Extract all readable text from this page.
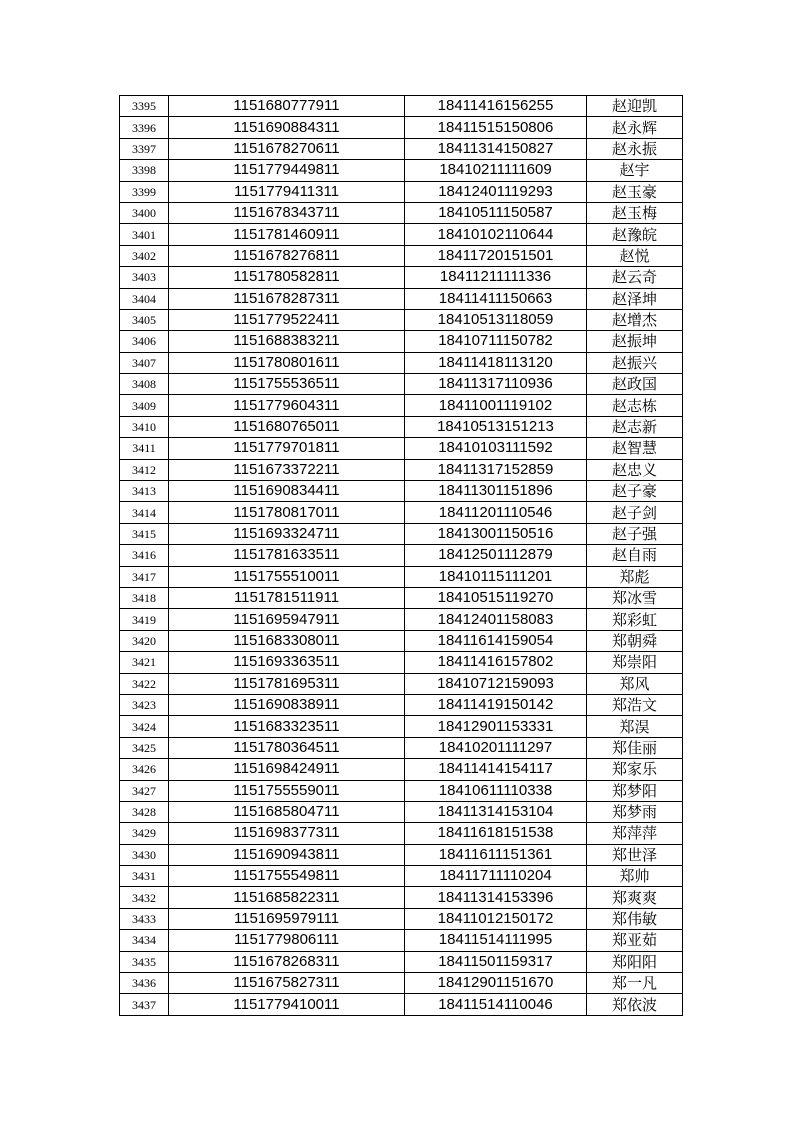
3395	1151680777911	18411416156255	赵迎凯
3396	1151690884311	18411515150806	赵永辉
3397	1151678270611	18411314150827	赵永振
3398	1151779449811	18410211111609	赵宇
3399	1151779411311	18412401119293	赵玉豪
3400	1151678343711	18410511150587	赵玉梅
3401	1151781460911	18410102110644	赵豫皖
3402	1151678276811	18411720151501	赵悦
3403	1151780582811	18411211111336	赵云奇
3404	1151678287311	18411411150663	赵泽坤
3405	1151779522411	18410513118059	赵增杰
3406	1151688383211	18410711150782	赵振坤
3407	1151780801611	18411418113120	赵振兴
3408	1151755536511	18411317110936	赵政国
3409	1151779604311	18411001119102	赵志栋
3410	1151680765011	18410513151213	赵志新
3411	1151779701811	18410103111592	赵智慧
3412	1151673372211	18411317152859	赵忠义
3413	1151690834411	18411301151896	赵子豪
3414	1151780817011	18411201110546	赵子剑
3415	1151693324711	18413001150516	赵子强
3416	1151781633511	18412501112879	赵自雨
3417	1151755510011	18410115111201	郑彪
3418	1151781511911	18410515119270	郑冰雪
3419	1151695947911	18412401158083	郑彩虹
3420	1151683308011	18411614159054	郑朝舜
3421	1151693363511	18411416157802	郑崇阳
3422	1151781695311	18410712159093	郑风
3423	1151690838911	18411419150142	郑浩文
3424	1151683323511	18412901153331	郑淏
3425	1151780364511	18410201111297	郑佳丽
3426	1151698424911	18411414154117	郑家乐
3427	1151755559011	18410611110338	郑梦阳
3428	1151685804711	18411314153104	郑梦雨
3429	1151698377311	18411618151538	郑萍萍
3430	1151690943811	18411611151361	郑世泽
3431	1151755549811	18411711110204	郑帅
3432	1151685822311	18411314153396	郑爽爽
3433	1151695979111	18411012150172	郑伟敏
3434	1151779806111	18411514111995	郑亚茹
3435	1151678268311	18411501159317	郑阳阳
3436	1151675827311	18412901151670	郑一凡
3437	1151779410011	18411514110046	郑依波
